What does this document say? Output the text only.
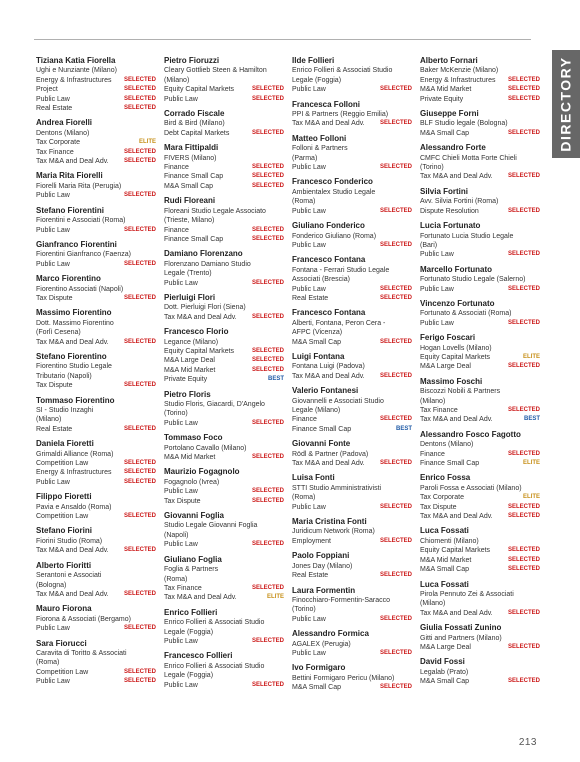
DIRECTORY
Tiziana Katia Fiorella
Ughi e Nunziante (Milano)
Energy & Infrastructures SELECTED
Project	SELECTED
Public Law	SELECTED
Real Estate	SELECTED
Andrea Fiorelli
Dentons (Milano)
Tax Corporate	ELITE
Tax Finance	SELECTED
Tax M&A and Deal Adv.	SELECTED
Maria Rita Fiorelli
Fiorelli Maria Rita (Perugia)
Public Law	SELECTED
Stefano Fiorentini
Fiorentini e Associati (Roma)
Public Law	SELECTED
Gianfranco Fiorentini
Fiorentini Gianfranco (Faenza)
Public Law	SELECTED
Marco Fiorentino
Fiorentino Associati (Napoli)
Tax Dispute	SELECTED
Massimo Fiorentino
Dott. Massimo Fiorentino
(Forlì Cesena)
Tax M&A and Deal Adv.	SELECTED
Stefano Fiorentino
Fiorentino Studio Legale
Tributario (Napoli)
Tax Dispute	SELECTED
Tommaso Fiorentino
SI - Studio Inzaghi
(Milano)
Real Estate	SELECTED
Daniela Fioretti
Grimaldi Alliance (Roma)
Competition Law	SELECTED
Energy & Infrastructures SELECTED
Public Law	SELECTED
Filippo Fioretti
Pavia e Ansaldo (Roma)
Competition Law	SELECTED
Stefano Fiorini
Fiorini Studio (Roma)
Tax M&A and Deal Adv.	SELECTED
Alberto Fioritti
Serantoni e Associati
(Bologna)
Tax M&A and Deal Adv.	SELECTED
Mauro Fiorona
Fiorona & Associati (Bergamo)
Public Law	SELECTED
Sara Fiorucci
Caravita di Toritto & Associati
(Roma)
Competition Law	SELECTED
Public Law	SELECTED
Pietro Fioruzzi
Cleary Gottlieb Steen & Hamilton
(Milano)
Equity Capital Markets	SELECTED
Public Law	SELECTED
Corrado Fiscale
Bird & Bird (Milano)
Debt Capital Markets	SELECTED
Mara Fittipaldi
FIVERS (Milano)
Finance	SELECTED
Finance Small Cap	SELECTED
M&A Small Cap	SELECTED
Rudi Floreani
Floreani Studio Legale Associato
(Trieste, Milano)
Finance	SELECTED
Finance Small Cap	SELECTED
Damiano Florenzano
Florenzano Damiano Studio
Legale (Trento)
Public Law	SELECTED
Pierluigi Flori
Dott. Pierluigi Flori (Siena)
Tax M&A and Deal Adv.	SELECTED
Francesco Florio
Legance (Milano)
Equity Capital Markets	SELECTED
M&A Large Deal	SELECTED
M&A Mid Market	SELECTED
Private Equity	BEST
Pietro Floris
Studio Floris, Giacardi, D'Angelo
(Torino)
Public Law	SELECTED
Tommaso Foco
Portolano Cavallo (Milano)
M&A Mid Market	SELECTED
Maurizio Fogagnolo
Fogagnolo (Ivrea)
Public Law	SELECTED
Tax Dispute	SELECTED
Giovanni Foglia
Studio Legale Giovanni Foglia
(Napoli)
Public Law	SELECTED
Giuliano Foglia
Foglia & Partners
(Roma)
Tax Finance	SELECTED
Tax M&A and Deal Adv.	ELITE
Enrico Follieri
Enrico Follieri & Associati Studio
Legale (Foggia)
Public Law	SELECTED
Francesco Follieri
Enrico Follieri & Associati Studio
Legale (Foggia)
Public Law	SELECTED
Ilde Follieri
Enrico Follieri & Associati Studio
Legale (Foggia)
Public Law	SELECTED
Francesca Folloni
PPI & Partners (Reggio Emilia)
Tax M&A and Deal Adv.	SELECTED
Matteo Folloni
Folloni & Partners
(Parma)
Public Law	SELECTED
Francesco Fonderico
Ambientalex Studio Legale
(Roma)
Public Law	SELECTED
Giuliano Fonderico
Fonderico Giuliano (Roma)
Public Law	SELECTED
Francesco Fontana
Fontana - Ferrari Studio Legale
Associati (Brescia)
Public Law	SELECTED
Real Estate	SELECTED
Francesco Fontana
Alberti, Fontana, Peron Cera -
AFPC (Vicenza)
M&A Small Cap	SELECTED
Luigi Fontana
Fontana Luigi (Padova)
Tax M&A and Deal Adv.	SELECTED
Valerio Fontanesi
Giovannelli e Associati Studio
Legale (Milano)
Finance	SELECTED
Finance Small Cap	BEST
Giovanni Fonte
Rödl & Partner (Padova)
Tax M&A and Deal Adv.	SELECTED
Luisa Fonti
STTI Studio Amministrativisti
(Roma)
Public Law	SELECTED
Maria Cristina Fonti
Juridicum Network (Roma)
Employment	SELECTED
Paolo Foppiani
Jones Day (Milano)
Real Estate	SELECTED
Laura Formentin
Finocchiaro-Formentin-Saracco
(Torino)
Public Law	SELECTED
Alessandro Formica
AGALEX (Perugia)
Public Law	SELECTED
Ivo Formigaro
Bettini Formigaro Pericu (Milano)
M&A Small Cap	SELECTED
Alberto Fornari
Baker McKenzie (Milano)
Energy & Infrastructures SELECTED
M&A Mid Market	SELECTED
Private Equity	SELECTED
Giuseppe Forni
BLF Studio legale (Bologna)
M&A Small Cap	SELECTED
Alessandro Forte
CMFC Chieli Motta Forte Chieli
(Torino)
Tax M&A and Deal Adv.	SELECTED
Silvia Fortini
Avv. Silvia Fortini (Roma)
Dispute Resolution	SELECTED
Lucia Fortunato
Fortunato Lucia Studio Legale
(Bari)
Public Law	SELECTED
Marcello Fortunato
Fortunato Studio Legale (Salerno)
Public Law	SELECTED
Vincenzo Fortunato
Fortunato & Associati (Roma)
Public Law	SELECTED
Ferigo Foscari
Hogan Lovells (Milano)
Equity Capital Markets	ELITE
M&A Large Deal	SELECTED
Massimo Foschi
Biscozzi Nobili & Partners
(Milano)
Tax Finance	SELECTED
Tax M&A and Deal Adv.	BEST
Alessandro Fosco Fagotto
Dentons (Milano)
Finance	SELECTED
Finance Small Cap	ELITE
Enrico Fossa
Paroli Fossa e Associati (Milano)
Tax Corporate	ELITE
Tax Dispute	SELECTED
Tax M&A and Deal Adv.	SELECTED
Luca Fossati
Chiomenti (Milano)
Equity Capital Markets	SELECTED
M&A Mid Market	SELECTED
M&A Small Cap	SELECTED
Luca Fossati
Pirola Pennuto Zei & Associati
(Milano)
Tax M&A and Deal Adv.	SELECTED
Giulia Fossati Zunino
Gitti and Partners (Milano)
M&A Large Deal	SELECTED
David Fossi
Legalab (Prato)
M&A Small Cap	SELECTED
213
